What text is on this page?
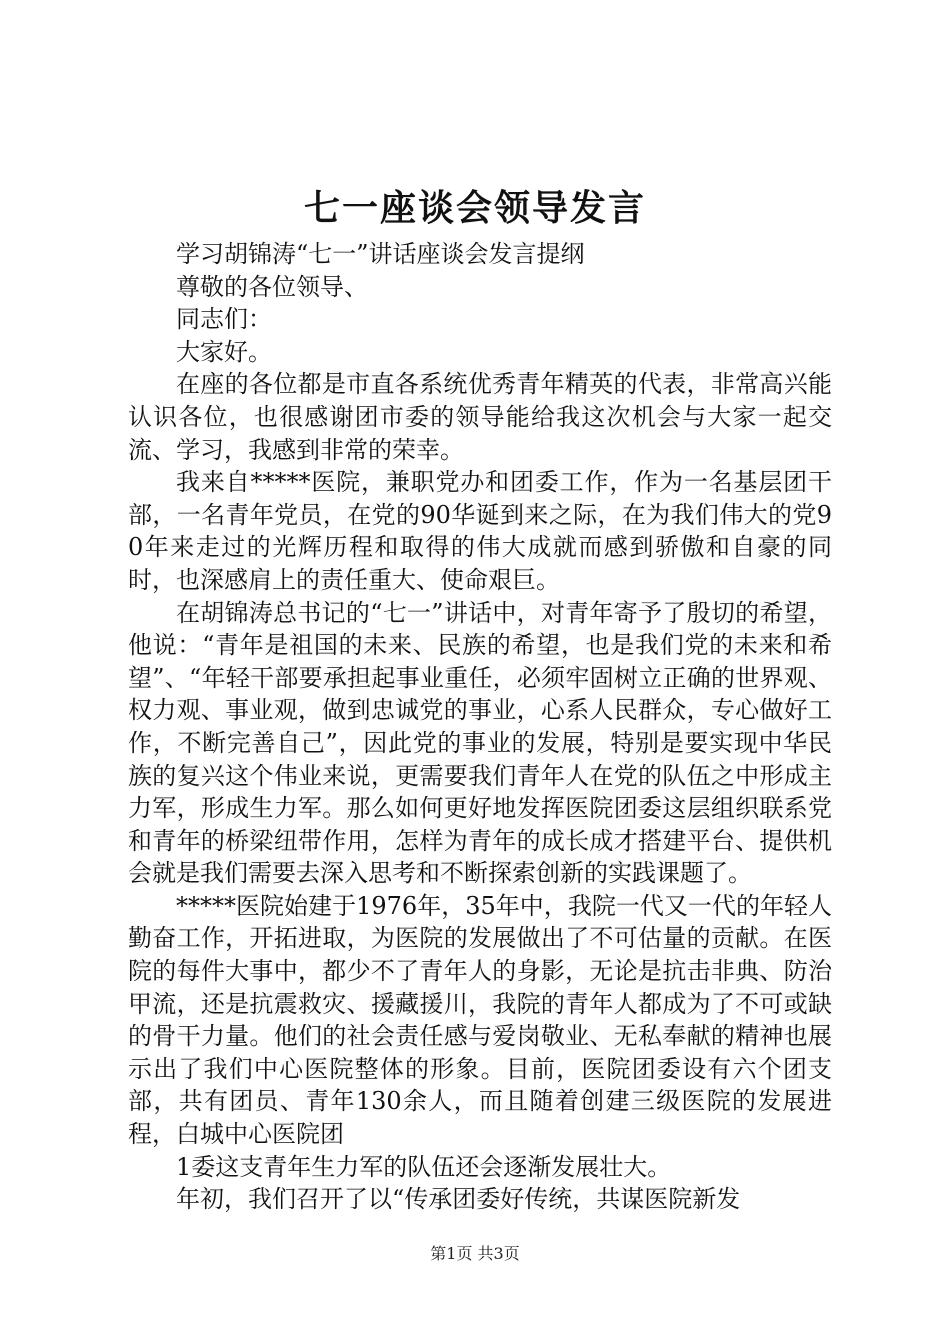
七一座谈会领导发言

学习胡锦涛“七一”讲话座谈会发言提纲

尊敬的各位领导、

同志们：

大家好。

在座的各位都是市直各系统优秀青年精英的代表，非常高兴能认识各位，也很感谢团市委的领导能给我这次机会与大家一起交流、学习，我感到非常的荣幸。

我来自*****医院，兼职党办和团委工作，作为一名基层团干部，一名青年党员，在党的90华诞到来之际，在为我们伟大的党90年来走过的光辉历程和取得的伟大成就而感到骄傲和自豪的同时，也深感肩上的责任重大、使命艰巨。

在胡锦涛总书记的“七一”讲话中，对青年寄予了殷切的希望，他说：“青年是祖国的未来、民族的希望，也是我们党的未来和希望”、“年轻干部要承担起事业重任，必须牢固树立正确的世界观、权力观、事业观，做到忠诚党的事业，心系人民群众，专心做好工作，不断完善自己”，因此党的事业的发展，特别是要实现中华民族的复兴这个伟业来说，更需要我们青年人在党的队伍之中形成主力军，形成生力军。那么如何更好地发挥医院团委这层组织联系党和青年的桥梁纽带作用，怎样为青年的成长成才搭建平台、提供机会就是我们需要去深入思考和不断探索创新的实践课题了。

*****医院始建于1976年，35年中，我院一代又一代的年轻人勤奋工作，开拓进取，为医院的发展做出了不可估量的贡献。在医院的每件大事中，都少不了青年人的身影，无论是抗击非典、防治甲流，还是抗震救灾、援藏援川，我院的青年人都成为了不可或缺的骨干力量。他们的社会责任感与爱岗敬业、无私奉献的精神也展示出了我们中心医院整体的形象。目前，医院团委设有六个团支部，共有团员、青年130余人，而且随着创建三级医院的发展进程，白城中心医院团

1委这支青年生力军的队伍还会逐渐发展壮大。

年初，我们召开了以“传承团委好传统，共谋医院新发

第1页 共3页
